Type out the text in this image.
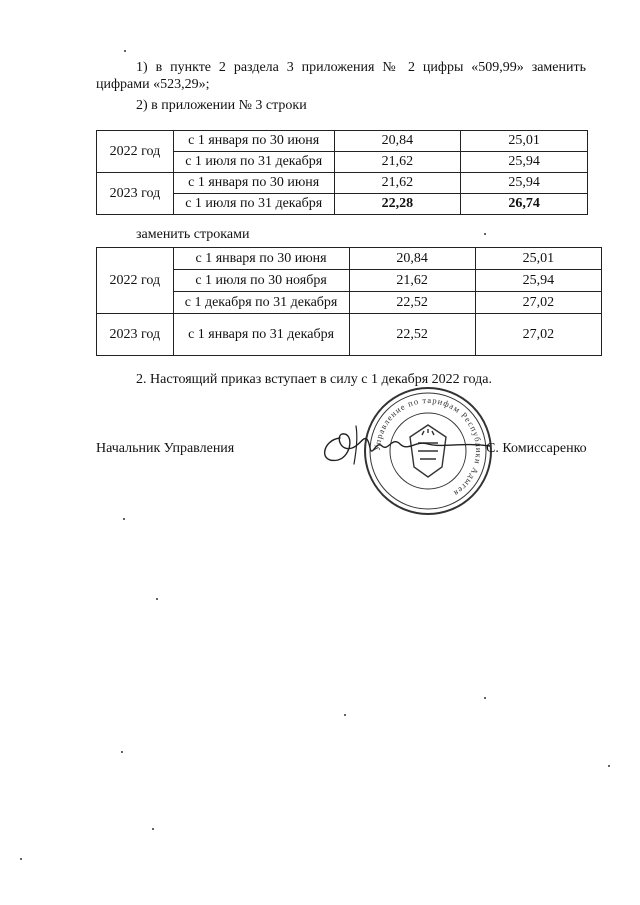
1) в пункте 2 раздела 3 приложения № 2 цифры «509,99» заменить цифрами «523,29»;
2) в приложении № 3 строки
2022 год	с 1 января по 30 июня	20,84	25,01
	с 1 июля по 31 декабря	21,62	25,94
2023 год	с 1 января по 30 июня	21,62	25,94
	с 1 июля по 31 декабря	22,28	26,74
заменить строками
2022 год	с 1 января по 30 июня	20,84	25,01
	с 1 июля по 30 ноября	21,62	25,94
	с 1 декабря по 31 декабря	22,52	27,02
2023 год	с 1 января по 31 декабря	22,52	27,02
2. Настоящий приказ вступает в силу с 1 декабря 2022 года.
Управление по тарифам Республики Адыгея
Начальник Управления	С. Комиссаренко
